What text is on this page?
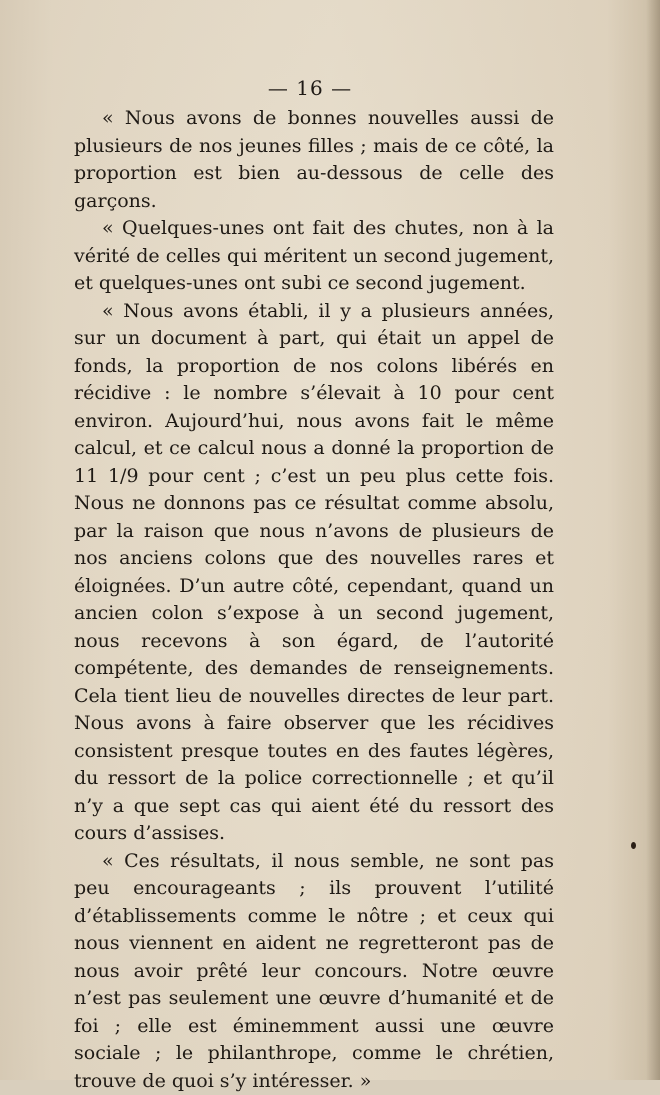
— 16 —

« Nous avons de bonnes nouvelles aussi de plusieurs de nos jeunes filles ; mais de ce côté, la proportion est bien au-dessous de celle des garçons.

« Quelques-unes ont fait des chutes, non à la vérité de celles qui méritent un second jugement, et quelques-unes ont subi ce second jugement.

« Nous avons établi, il y a plusieurs années, sur un document à part, qui était un appel de fonds, la proportion de nos colons libérés en récidive : le nombre s’élevait à 10 pour cent environ. Aujourd’hui, nous avons fait le même calcul, et ce calcul nous a donné la proportion de 11 1/9 pour cent ; c’est un peu plus cette fois. Nous ne donnons pas ce résultat comme absolu, par la raison que nous n’avons de plusieurs de nos anciens colons que des nouvelles rares et éloignées. D’un autre côté, cependant, quand un ancien colon s’expose à un second jugement, nous recevons à son égard, de l’autorité compétente, des demandes de renseignements. Cela tient lieu de nouvelles directes de leur part. Nous avons à faire observer que les récidives consistent presque toutes en des fautes légères, du ressort de la police correctionnelle ; et qu’il n’y a que sept cas qui aient été du ressort des cours d’assises.

« Ces résultats, il nous semble, ne sont pas peu encourageants ; ils prouvent l’utilité d’établissements comme le nôtre ; et ceux qui nous viennent en aident ne regretteront pas de nous avoir prêté leur concours. Notre œuvre n’est pas seulement une œuvre d’humanité et de foi ; elle est éminemment aussi une œuvre sociale ; le philanthrope, comme le chrétien, trouve de quoi s’y intéresser. »
